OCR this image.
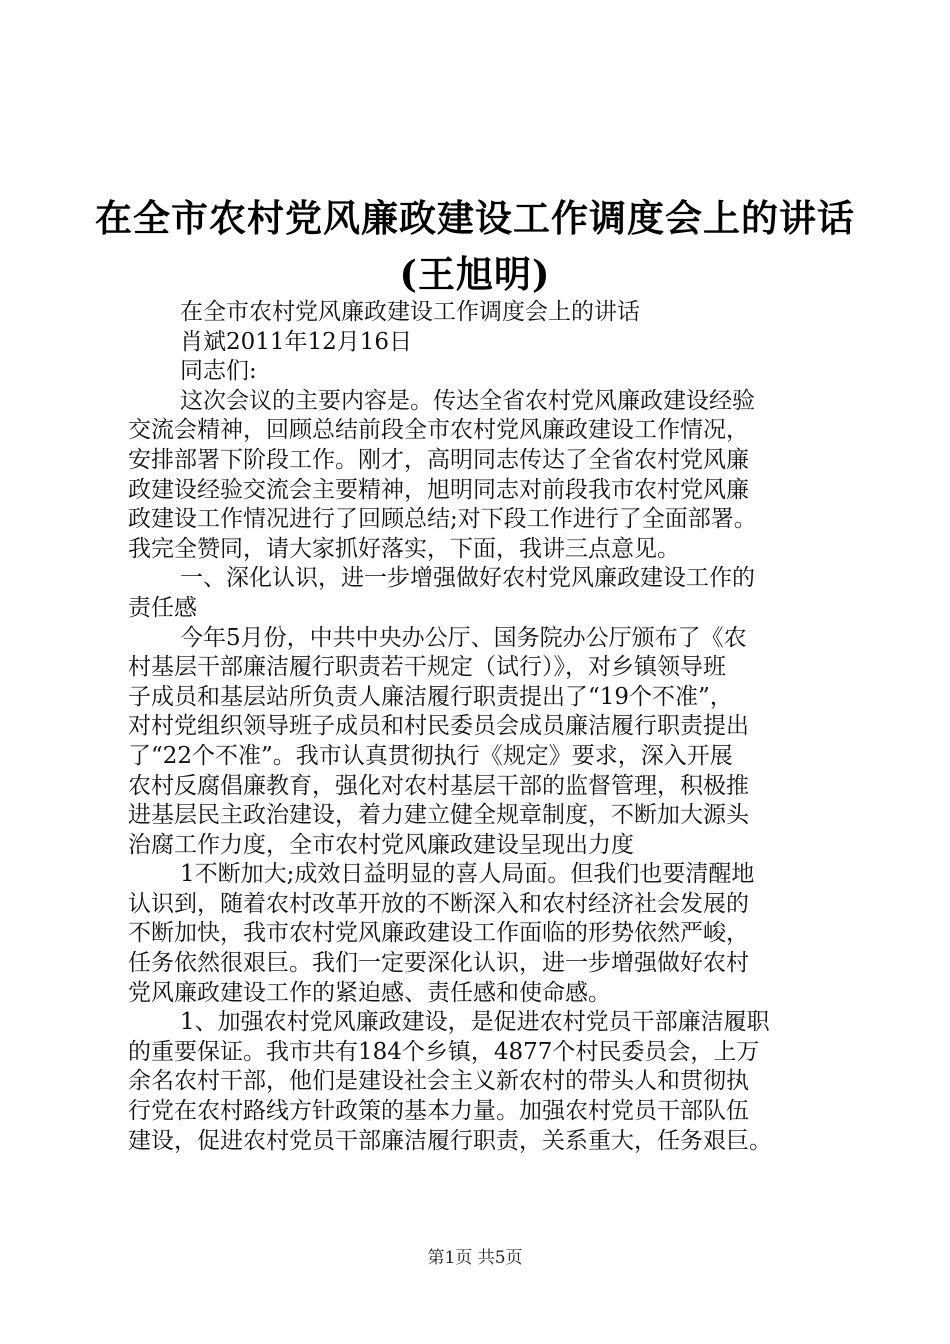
在全市农村党风廉政建设工作调度会上的讲话
(王旭明)
在全市农村党风廉政建设工作调度会上的讲话
肖斌2011年12月16日
同志们:
这次会议的主要内容是。传达全省农村党风廉政建设经验
交流会精神，回顾总结前段全市农村党风廉政建设工作情况，
安排部署下阶段工作。刚才，高明同志传达了全省农村党风廉
政建设经验交流会主要精神，旭明同志对前段我市农村党风廉
政建设工作情况进行了回顾总结;对下段工作进行了全面部署。
我完全赞同，请大家抓好落实，下面，我讲三点意见。
一、深化认识，进一步增强做好农村党风廉政建设工作的
责任感
今年5月份，中共中央办公厅、国务院办公厅颁布了《农
村基层干部廉洁履行职责若干规定（试行）》，对乡镇领导班
子成员和基层站所负责人廉洁履行职责提出了“19个不准”，
对村党组织领导班子成员和村民委员会成员廉洁履行职责提出
了“22个不准”。我市认真贯彻执行《规定》要求，深入开展
农村反腐倡廉教育，强化对农村基层干部的监督管理，积极推
进基层民主政治建设，着力建立健全规章制度，不断加大源头
治腐工作力度，全市农村党风廉政建设呈现出力度
1不断加大;成效日益明显的喜人局面。但我们也要清醒地
认识到，随着农村改革开放的不断深入和农村经济社会发展的
不断加快，我市农村党风廉政建设工作面临的形势依然严峻，
任务依然很艰巨。我们一定要深化认识，进一步增强做好农村
党风廉政建设工作的紧迫感、责任感和使命感。
1、加强农村党风廉政建设，是促进农村党员干部廉洁履职
的重要保证。我市共有184个乡镇，4877个村民委员会，上万
余名农村干部，他们是建设社会主义新农村的带头人和贯彻执
行党在农村路线方针政策的基本力量。加强农村党员干部队伍
建设，促进农村党员干部廉洁履行职责，关系重大，任务艰巨。
第1页 共5页
